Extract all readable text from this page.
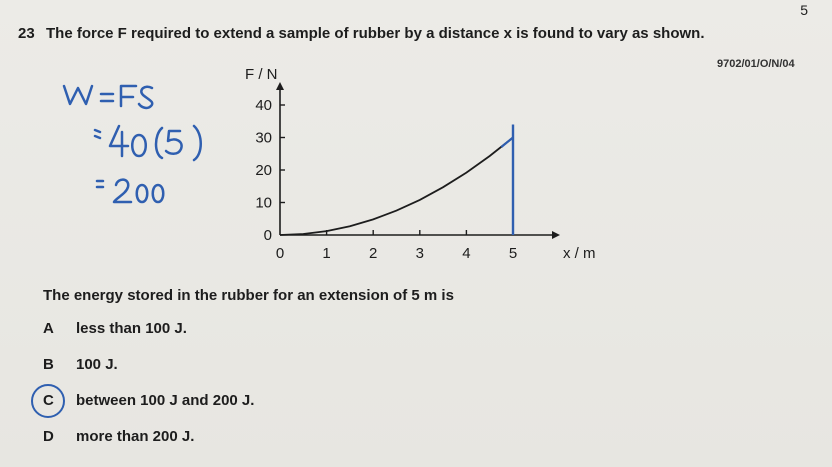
5
23 The force F required to extend a sample of rubber by a distance x is found to vary as shown.
9702/01/O/N/04
0	1	2	3	4	5
0
10
20
30
40
F / N
x / m
The energy stored in the rubber for an extension of 5 m is
A	less than 100 J.
B	100 J.
C	between 100 J and 200 J.
D	more than 200 J.
